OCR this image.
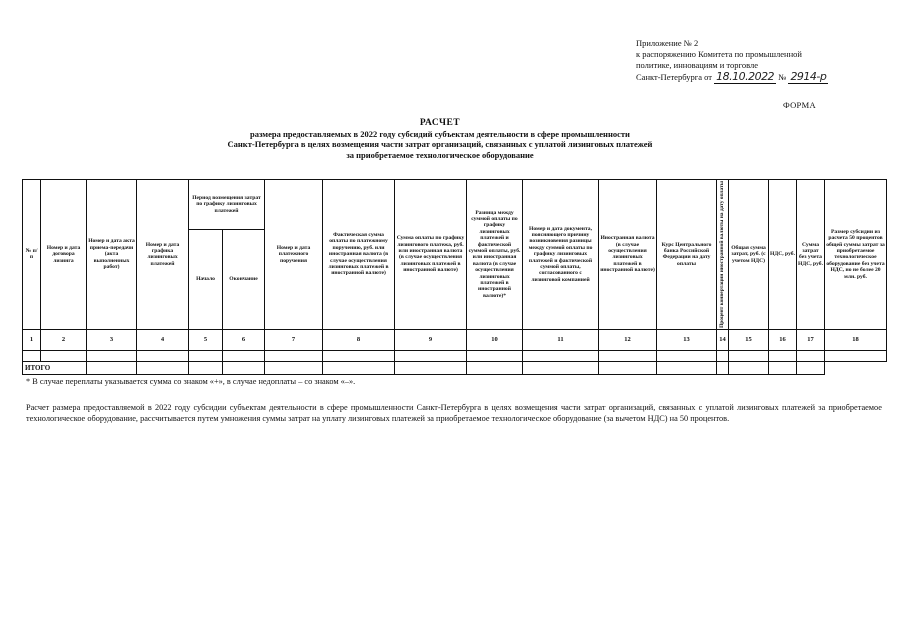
Приложение № 2
к распоряжению Комитета по промышленной
политике, инновациям и торговле
Санкт-Петербурга от 18.10.2022 № 2914-р
ФОРМА
РАСЧЕТ
размера предоставляемых в 2022 году субсидий субъектам деятельности в сфере промышленности
Санкт-Петербурга в целях возмещения части затрат организаций, связанных с уплатой лизинговых платежей
за приобретаемое технологическое оборудование
№ п/п	Номер и дата договора лизинга	Номер и дата акта приема-передачи (акта выполненных работ)	Номер и дата графика лизинговых платежей	Период возмещения затрат по графику лизинговых платежей		Номер и дата платежного поручения	Фактическая сумма оплаты по платежному поручению, руб. или иностранная валюта (в случае осуществления лизинговых платежей в иностранной валюте)	Сумма оплаты по графику лизингового платежа, руб. или иностранная валюта (в случае осуществления лизинговых платежей в иностранной валюте)	Разница между суммой оплаты по графику лизинговых платежей и фактической суммой оплаты, руб. или иностранная валюта (в случае осуществления лизинговых платежей в иностранной валюте)*	Номер и дата документа, поясняющего причину возникновения разницы между суммой оплаты по графику лизинговых платежей и фактической суммой оплаты, согласованного с лизинговой компанией	Иностранная валюта (в случае осуществления лизинговых платежей в иностранной валюте)	Курс Центрального банка Российской Федерации на дату оплаты	Процент конвертации иностранной валюты на дату оплаты	Общая сумма затрат, руб. (с учетом НДС)	НДС, руб.	Сумма затрат без учета НДС, руб.	Размер субсидии из расчета 50 процентов общей суммы затрат за приобретаемое технологическое оборудование без учета НДС, но не более 20 млн. руб.
				Начало	Окончание												
1	2	3	4	5	6	7	8	9	10	11	12	13	14	15	16	17	18

ИТОГО																	
* В случае переплаты указывается сумма со знаком «+», в случае недоплаты – со знаком «–».
Расчет размера предоставляемой в 2022 году субсидии субъектам деятельности в сфере промышленности Санкт-Петербурга в целях возмещения части затрат организаций, связанных с уплатой лизинговых платежей за приобретаемое технологическое оборудование, рассчитывается путем умножения суммы затрат на уплату лизинговых платежей за приобретаемое технологическое оборудование (за вычетом НДС) на 50 процентов.
